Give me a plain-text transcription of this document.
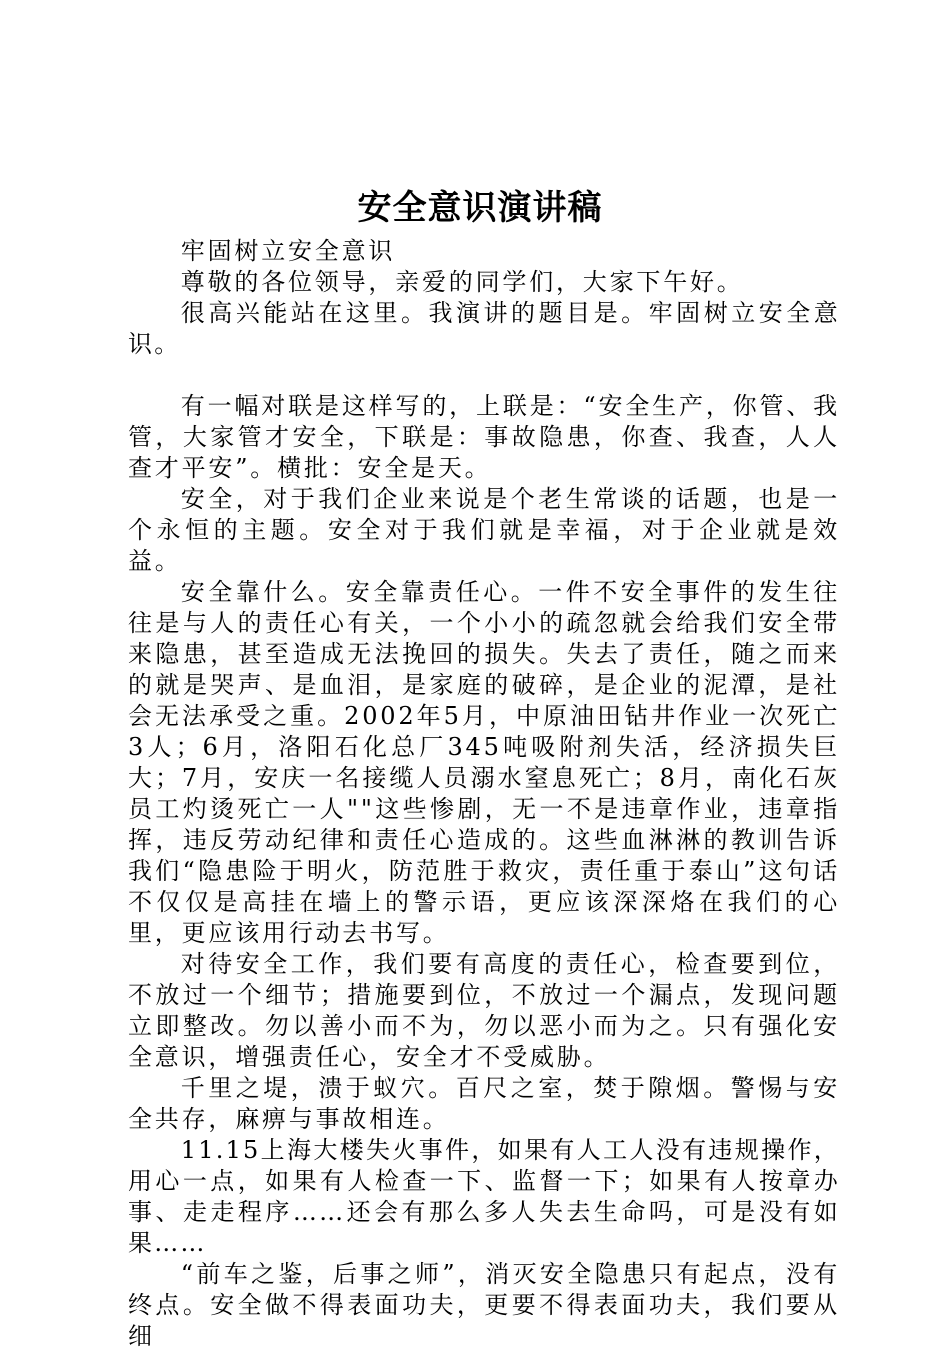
安全意识演讲稿

牢固树立安全意识

尊敬的各位领导，亲爱的同学们，大家下午好。

很高兴能站在这里。我演讲的题目是。牢固树立安全意识。

有一幅对联是这样写的，上联是：“安全生产，你管、我管，大家管才安全，下联是：事故隐患，你查、我查，人人查才平安”。横批：安全是天。

安全，对于我们企业来说是个老生常谈的话题，也是一个永恒的主题。安全对于我们就是幸福，对于企业就是效益。

安全靠什么。安全靠责任心。一件不安全事件的发生往往是与人的责任心有关，一个小小的疏忽就会给我们安全带来隐患，甚至造成无法挽回的损失。失去了责任，随之而来的就是哭声、是血泪，是家庭的破碎，是企业的泥潭，是社会无法承受之重。2002年5月，中原油田钻井作业一次死亡3人；6月，洛阳石化总厂345吨吸附剂失活，经济损失巨大；7月，安庆一名接缆人员溺水窒息死亡；8月，南化石灰员工灼烫死亡一人""这些惨剧，无一不是违章作业，违章指挥，违反劳动纪律和责任心造成的。这些血淋淋的教训告诉我们“隐患险于明火，防范胜于救灾，责任重于泰山”这句话不仅仅是高挂在墙上的警示语，更应该深深烙在我们的心里，更应该用行动去书写。

对待安全工作，我们要有高度的责任心，检查要到位，不放过一个细节；措施要到位，不放过一个漏点，发现问题立即整改。勿以善小而不为，勿以恶小而为之。只有强化安全意识，增强责任心，安全才不受威胁。

千里之堤，溃于蚁穴。百尺之室，焚于隙烟。警惕与安全共存，麻痹与事故相连。

11.15上海大楼失火事件，如果有人工人没有违规操作，用心一点，如果有人检查一下、监督一下；如果有人按章办事、走走程序……还会有那么多人失去生命吗，可是没有如果……

“前车之鉴，后事之师”，消灭安全隐患只有起点，没有终点。安全做不得表面功夫，更要不得表面功夫，我们要从细
